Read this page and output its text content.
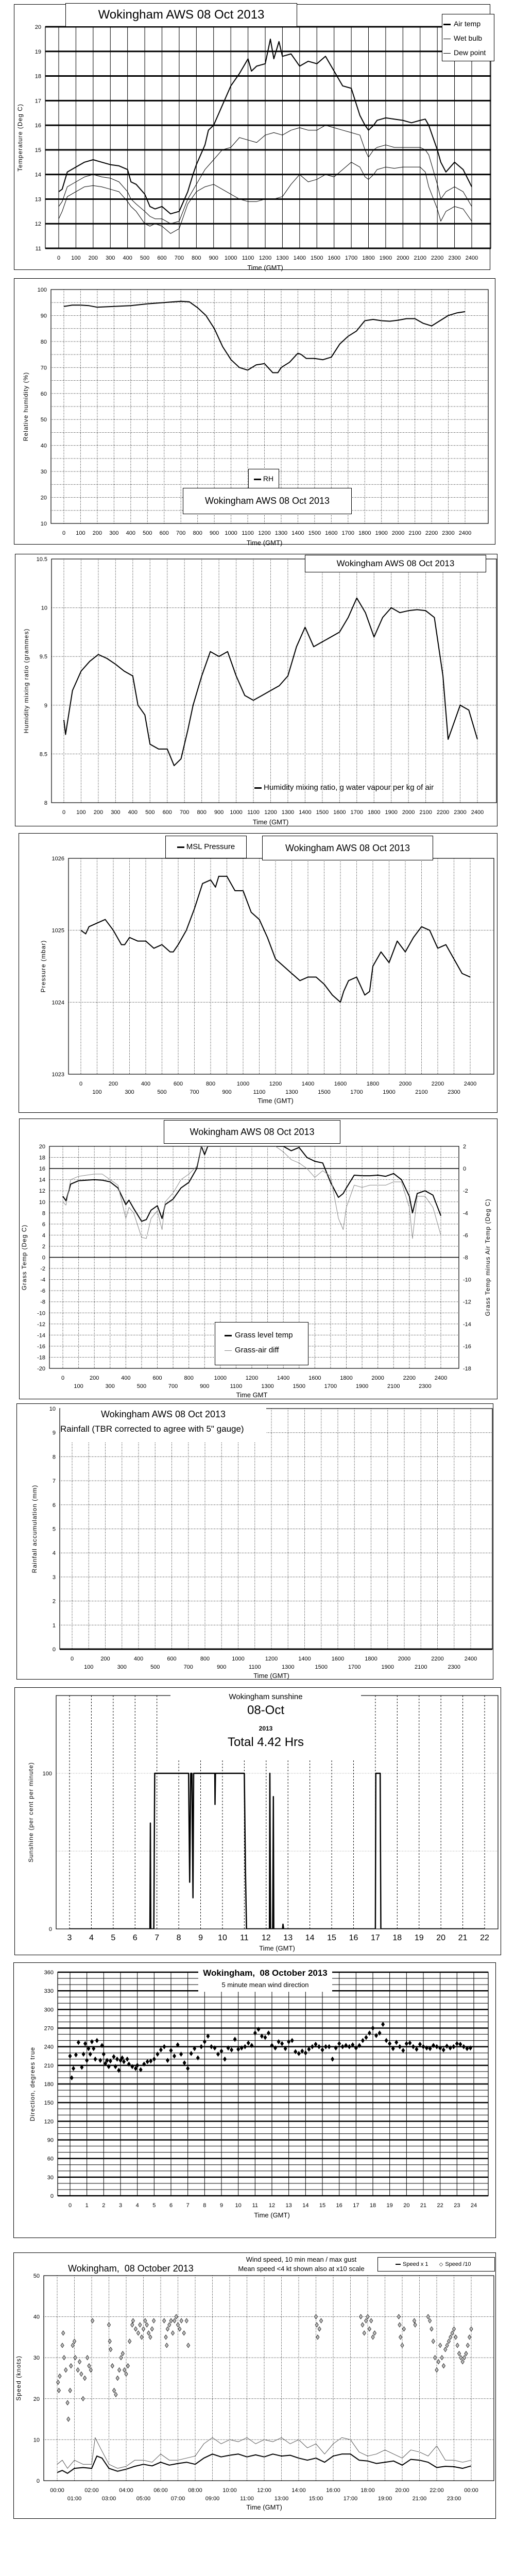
11
12
13
14
15
16
17
18
19
20
0 100 200 300 400 500 600 700 800 900 1000 1100 1200 1300 1400 1500 1600 1700 1800 1900 2000 2100 2200 2300 2400
Time (GMT)
Temperature (Deg C)
Wokingham AWS 08 Oct 2013
Air temp
Wet bulb
Dew point
10
20
30
40
50
60
70
80
90
100
0 100 200 300 400 500 600 700 800 900 1000 1100 1200 1300 1400 1500 1600 1700 1800 1900 2000 2100 2200 2300 2400
Time (GMT)
Relative humidity (%)
RH
Wokingham AWS 08 Oct 2013
8
8.5
9
9.5
10
10.5
0 100 200 300 400 500 600 700 800 900 1000 1100 1200 1300 1400 1500 1600 1700 1800 1900 2000 2100 2200 2300 2400
Time (GMT)
Humidity mixing ratio (grammes)
Wokingham AWS 08 Oct 2013
Humidity mixing ratio, g water vapour per kg of air
1023
1024
1025
1026
0	200	400	600	800	1000	1200	1400	1600	1800	2000	2200	2400
100	300	500	700	900	1100	1300	1500	1700	1900	2100	2300
Time (GMT)
Pressure (mbar)
MSL Pressure	Wokingham AWS 08 Oct 2013
-20
-18
-16
-14
-12
-10
-8
-6
-4
-2
0
2
4
6
8
10
12
14
16
18
20	2
0
-2
-4
-6
-8
-10
-12
-14
-16
-18
Grass Temp minus Air Temp (Deg C)
0	200	400	600	800	1000	1200	1400	1600	1800	2000	2200	2400
100	300	500	700	900	1100	1300	1500	1700	1900	2100	2300
Time GMT
Grass Temp (Deg C)
Wokingham AWS 08 Oct 2013
Grass level temp
Grass-air diff
0
1
2
3
4
5
6
7
8
9
10
0	200	400	600	800	1000	1200	1400	1600	1800	2000	2200	2400
100	300	500	700	900	1100	1300	1500	1700	1900	2100	2300
Time (GMT)
Rainfall accumulation (mm)
Wokingham AWS 08 Oct 2013
Rainfall (TBR corrected to agree with 5" gauge)
0
100
3 4 5 6 7 8 9 10 11 12 13 14 15 16 17 18 19 20 21 22
Time (GMT)
Sunshine (per cent per minute)
Wokingham sunshine
08-Oct
2013
Total 4.42 Hrs
0
30
60
90
120
150
180
210
240
270
300
330
360
0 1 2 3 4 5 6 7 8 9 10 11 12 13 14 15 16 17 18 19 20 21 22 23 24
Time (GMT)
Direction, degrees true
Wokingham,  08 October 2013
5 minute mean wind direction
0
10
20
30
40
50
00:00	02:00	04:00	06:00	08:00	10:00	12:00	14:00	16:00	18:00	20:00	22:00	00:00
01:00	03:00	05:00	07:00	09:00	11:00	13:00	15:00	17:00	19:00	21:00	23:00
Time (GMT)
Speed (knots)
Wokingham,  08 October 2013
Wind speed, 10 min mean / max gust
Mean speed <4 kt shown also at x10 scale
Speed x 1 ◇ Speed /10
